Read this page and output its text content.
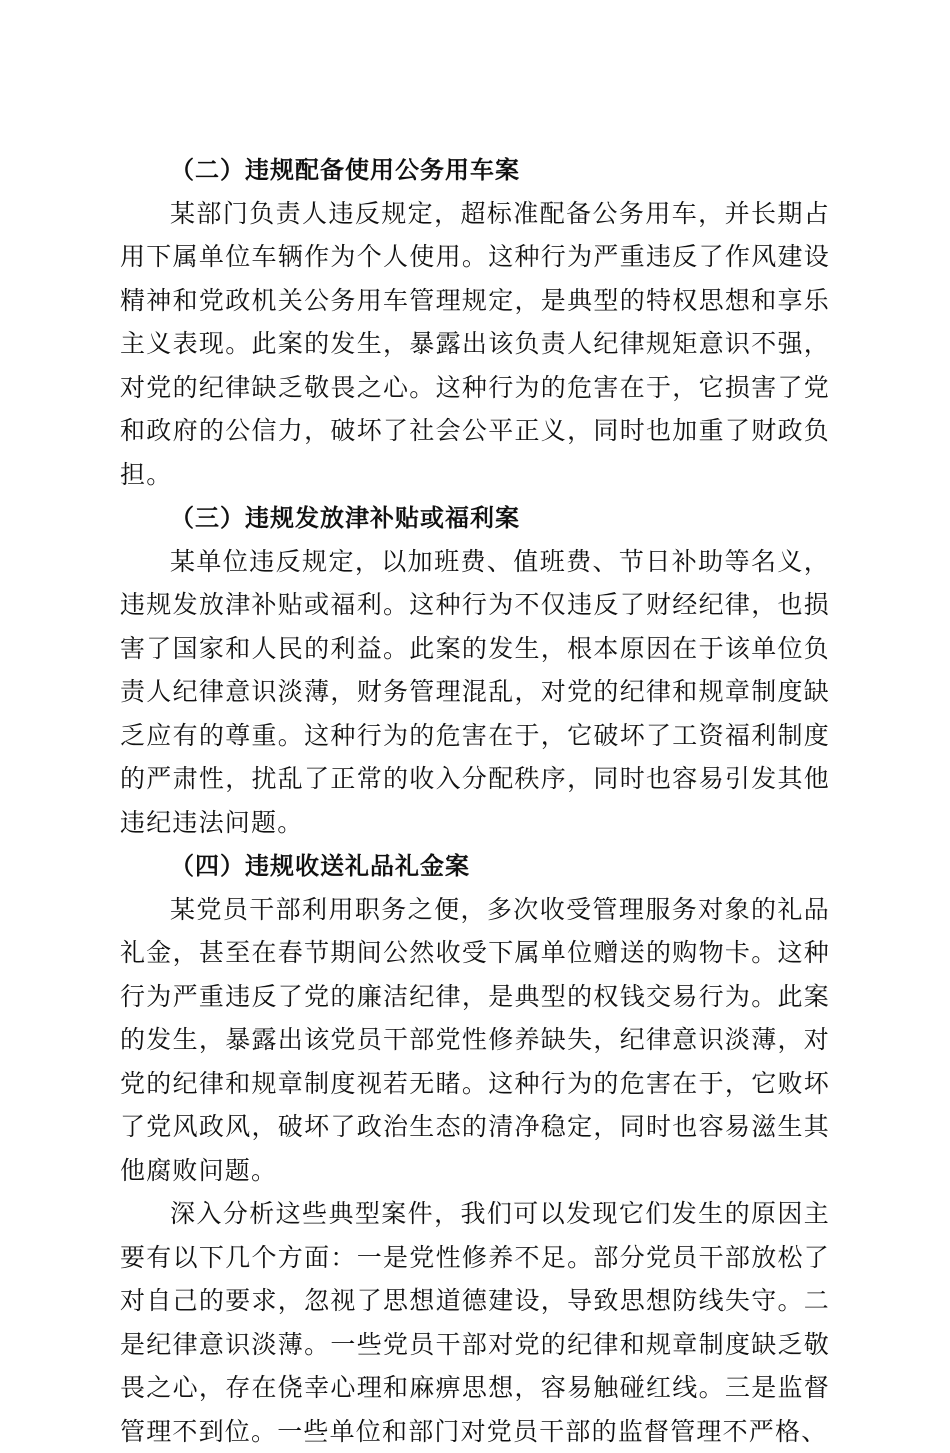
（二）违规配备使用公务用车案

某部门负责人违反规定，超标准配备公务用车，并长期占用下属单位车辆作为个人使用。这种行为严重违反了作风建设精神和党政机关公务用车管理规定，是典型的特权思想和享乐主义表现。此案的发生，暴露出该负责人纪律规矩意识不强，对党的纪律缺乏敬畏之心。这种行为的危害在于，它损害了党和政府的公信力，破坏了社会公平正义，同时也加重了财政负担。

（三）违规发放津补贴或福利案

某单位违反规定，以加班费、值班费、节日补助等名义，违规发放津补贴或福利。这种行为不仅违反了财经纪律，也损害了国家和人民的利益。此案的发生，根本原因在于该单位负责人纪律意识淡薄，财务管理混乱，对党的纪律和规章制度缺乏应有的尊重。这种行为的危害在于，它破坏了工资福利制度的严肃性，扰乱了正常的收入分配秩序，同时也容易引发其他违纪违法问题。

（四）违规收送礼品礼金案

某党员干部利用职务之便，多次收受管理服务对象的礼品礼金，甚至在春节期间公然收受下属单位赠送的购物卡。这种行为严重违反了党的廉洁纪律，是典型的权钱交易行为。此案的发生，暴露出该党员干部党性修养缺失，纪律意识淡薄，对党的纪律和规章制度视若无睹。这种行为的危害在于，它败坏了党风政风，破坏了政治生态的清净稳定，同时也容易滋生其他腐败问题。

深入分析这些典型案件，我们可以发现它们发生的原因主要有以下几个方面：一是党性修养不足。部分党员干部放松了对自己的要求，忽视了思想道德建设，导致思想防线失守。二是纪律意识淡薄。一些党员干部对党的纪律和规章制度缺乏敬畏之心，存在侥幸心理和麻痹思想，容易触碰红线。三是监督管理不到位。一些单位和部门对党员干部的监督管理不严格、
